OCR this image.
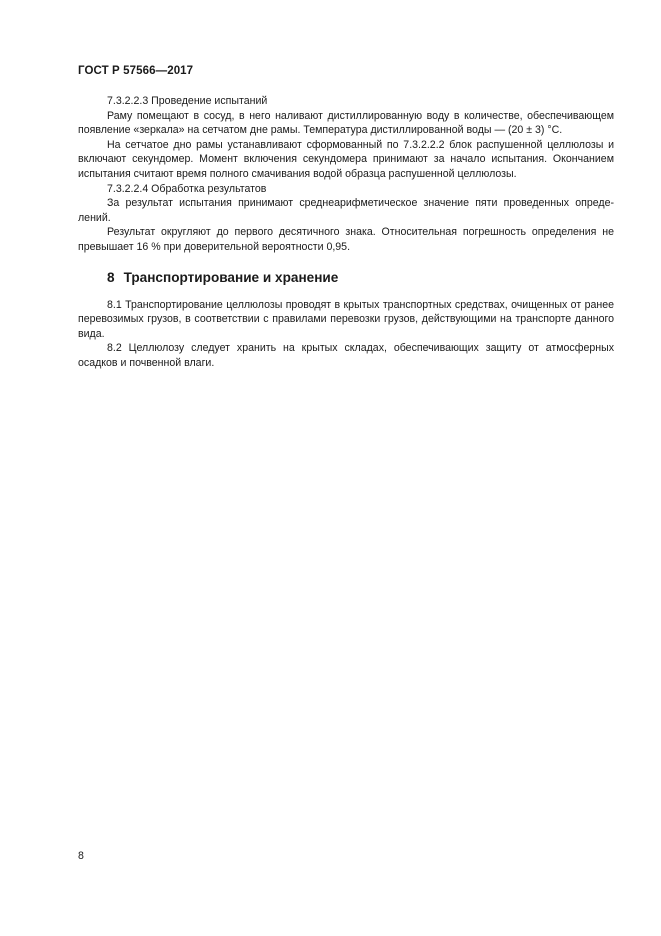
ГОСТ Р 57566—2017

7.3.2.2.3 Проведение испытаний

Раму помещают в сосуд, в него наливают дистиллированную воду в количестве, обеспечивающем появление «зеркала» на сетчатом дне рамы. Температура дистиллированной воды — (20 ± 3) °С.

На сетчатое дно рамы устанавливают сформованный по 7.3.2.2.2 блок распушенной целлюлозы и включают секундомер. Момент включения секундомера принимают за начало испытания. Окончанием испытания считают время полного смачивания водой образца распушенной целлюлозы.

7.3.2.2.4 Обработка результатов

За результат испытания принимают среднеарифметическое значение пяти проведенных опреде-лений.

Результат округляют до первого десятичного знака. Относительная погрешность определения не превышает 16 % при доверительной вероятности 0,95.

8 Транспортирование и хранение

8.1 Транспортирование целлюлозы проводят в крытых транспортных средствах, очищенных от ранее перевозимых грузов, в соответствии с правилами перевозки грузов, действующими на транспорте данного вида.

8.2 Целлюлозу следует хранить на крытых складах, обеспечивающих защиту от атмосферных осадков и почвенной влаги.

8
